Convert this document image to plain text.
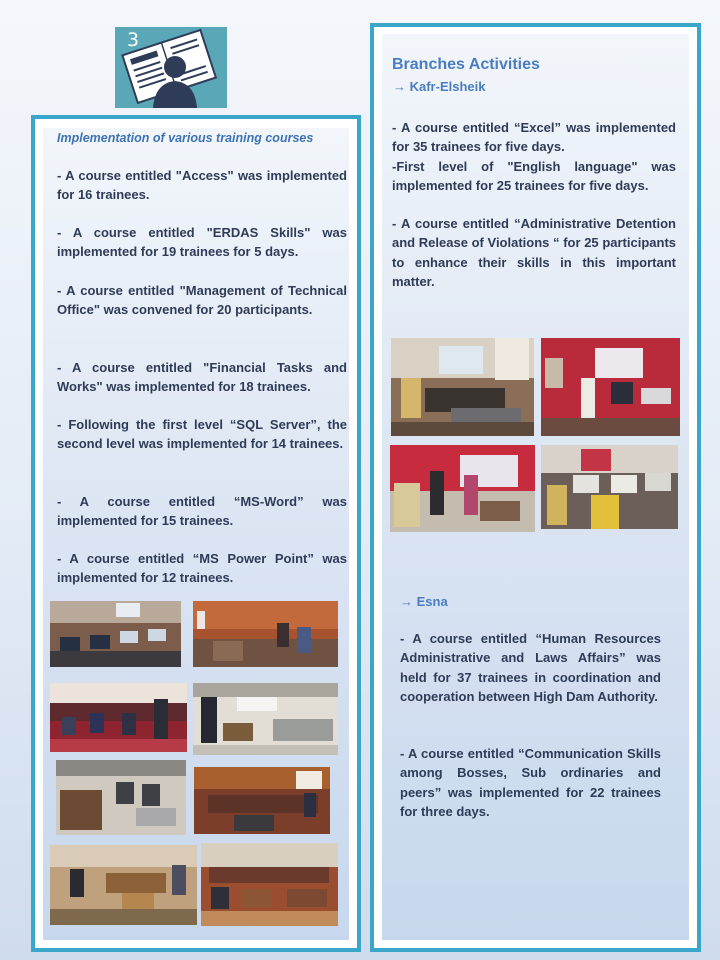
3
Implementation of various training courses
- A course entitled "Access" was implemented for 16 trainees.
- A course entitled "ERDAS Skills" was implemented for 19 trainees for 5 days.
- A course entitled "Management of Technical Office" was convened for 20 participants.
- A course entitled "Financial Tasks and Works" was implemented for 18 trainees.
- Following the first level “SQL Server”, the second level was implemented for 14 trainees.
- A course entitled “MS-Word” was implemented for 15 trainees.
- A course entitled “MS Power Point” was implemented for 12 trainees.
Branches Activities
→ Kafr-Elsheik
- A course entitled “Excel” was implemented for 35 trainees for five days.
-First level of "English language" was implemented for 25 trainees for five days.
- A course entitled “Administrative Detention and Release of Violations “ for 25 participants to enhance their skills in this important matter.
→ Esna
- A course entitled “Human Resources Administrative and Laws Affairs” was held for 37 trainees in coordination and cooperation between High Dam Authority.
- A course entitled “Communication Skills among Bosses, Sub ordinaries and peers” was implemented for 22 trainees for three days.
